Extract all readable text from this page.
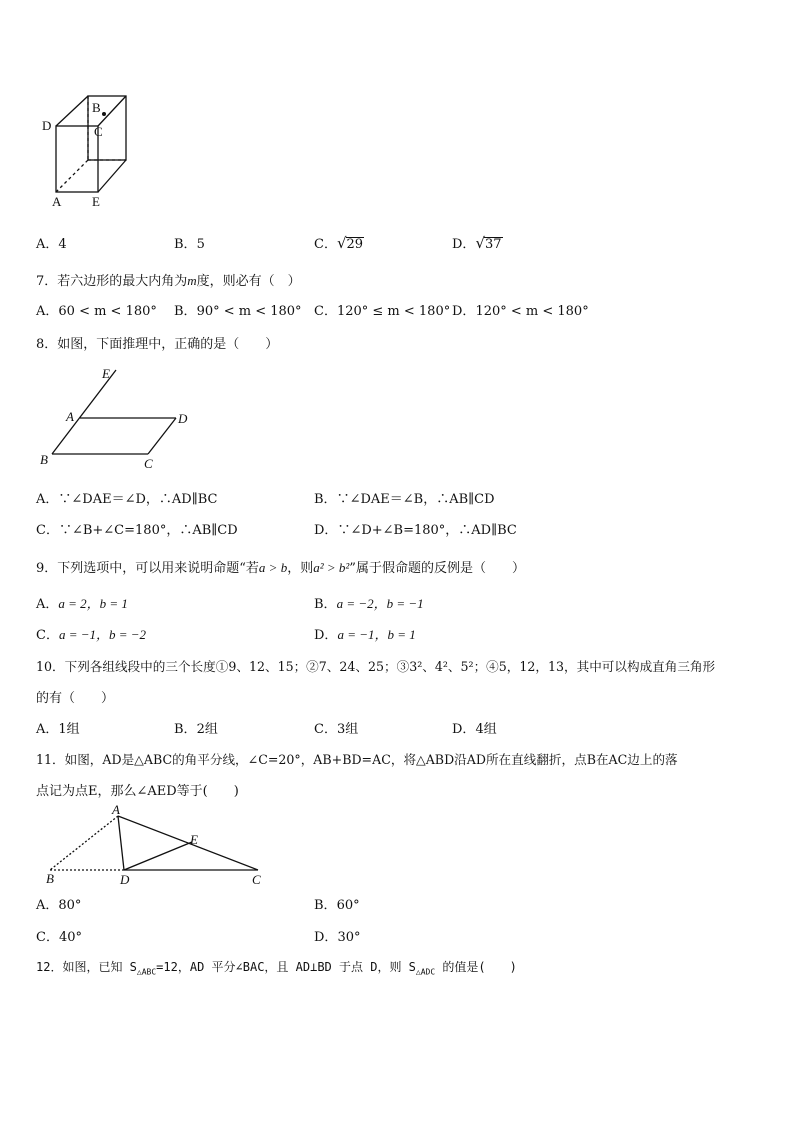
B
C
D
A E
A．4	B．5	C．√29	D．√37
7．若六边形的最大内角为m度，则必有（　）
A．60 < m < 180° B．90° < m < 180° C．120° ≤ m < 180° D．120° < m < 180°
8．如图，下面推理中，正确的是（　　）
E
A	D
B	C
A．∵∠DAE＝∠D，∴AD∥BC	B．∵∠DAE＝∠B，∴AB∥CD
C．∵∠B+∠C=180°，∴AB∥CD	D．∵∠D+∠B=180°，∴AD∥BC
9．下列选项中，可以用来说明命题“若a > b，则a² > b²”属于假命题的反例是（　　）
A．a = 2，b = 1	B．a = −2，b = −1
C．a = −1，b = −2	D．a = −1，b = 1
10．下列各组线段中的三个长度①9、12、15；②7、24、25；③3²、4²、5²；④5，12，13，其中可以构成直角三角形
的有（　　）
A．1组	B．2组	C．3组	D．4组
11．如图，AD是△ABC的角平分线，∠C=20°，AB+BD=AC，将△ABD沿AD所在直线翻折，点B在AC边上的落
点记为点E，那么∠AED等于(　　)
A
E
B	D	C
A．80°	B．60°
C．40°	D．30°
12．如图，已知 $S_{\triangle ABC}=12$，AD 平分∠BAC，且 AD⊥BD 于点 D，则 $S_{\triangle ADC}$ 的值是(　　)
